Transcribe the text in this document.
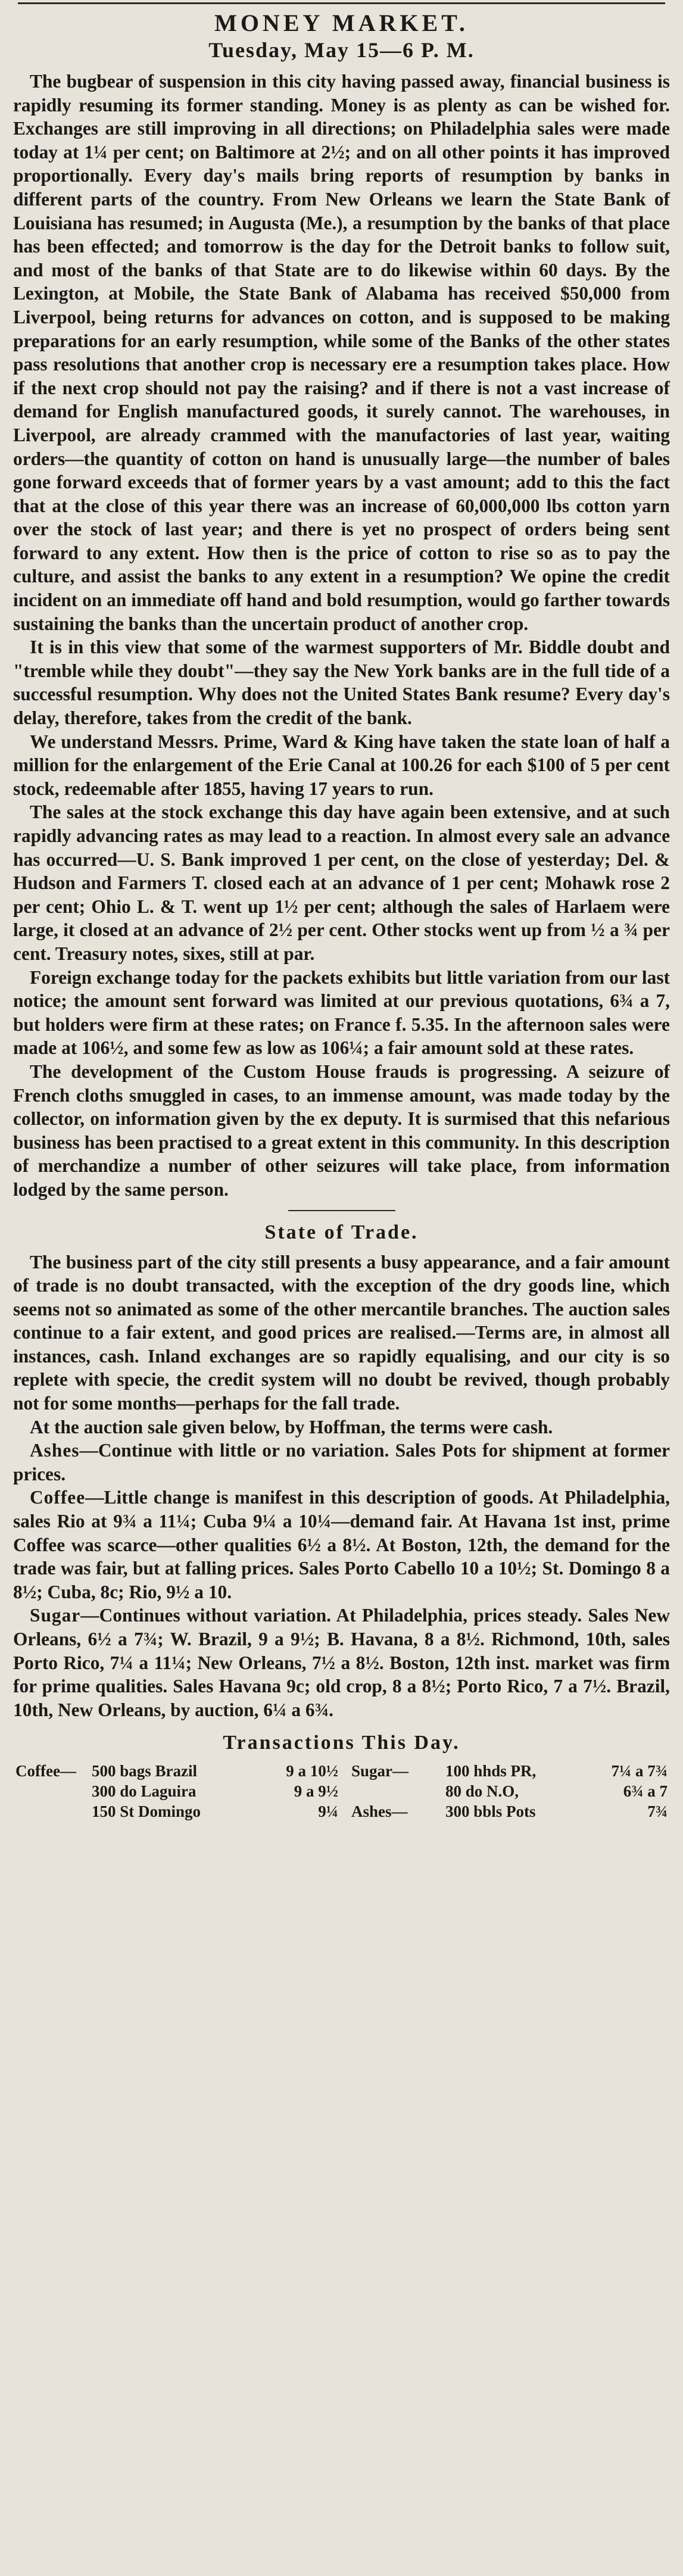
MONEY MARKET.
Tuesday, May 15—6 P. M.

The bugbear of suspension in this city having passed away, financial business is rapidly resuming its former standing. Money is as plenty as can be wished for. Exchanges are still improving in all directions; on Philadelphia sales were made today at 1¼ per cent; on Baltimore at 2½; and on all other points it has improved proportionally. Every day's mails bring reports of resumption by banks in different parts of the country. From New Orleans we learn the State Bank of Louisiana has resumed; in Augusta (Me.), a resumption by the banks of that place has been effected; and tomorrow is the day for the Detroit banks to follow suit, and most of the banks of that State are to do likewise within 60 days. By the Lexington, at Mobile, the State Bank of Alabama has received $50,000 from Liverpool, being returns for advances on cotton, and is supposed to be making preparations for an early resumption, while some of the Banks of the other states pass resolutions that another crop is necessary ere a resumption takes place. How if the next crop should not pay the raising? and if there is not a vast increase of demand for English manufactured goods, it surely cannot. The warehouses, in Liverpool, are already crammed with the manufactories of last year, waiting orders—the quantity of cotton on hand is unusually large—the number of bales gone forward exceeds that of former years by a vast amount; add to this the fact that at the close of this year there was an increase of 60,000,000 lbs cotton yarn over the stock of last year; and there is yet no prospect of orders being sent forward to any extent. How then is the price of cotton to rise so as to pay the culture, and assist the banks to any extent in a resumption? We opine the credit incident on an immediate off hand and bold resumption, would go farther towards sustaining the banks than the uncertain product of another crop.

It is in this view that some of the warmest supporters of Mr. Biddle doubt and "tremble while they doubt"—they say the New York banks are in the full tide of a successful resumption. Why does not the United States Bank resume? Every day's delay, therefore, takes from the credit of the bank.

We understand Messrs. Prime, Ward & King have taken the state loan of half a million for the enlargement of the Erie Canal at 100.26 for each $100 of 5 per cent stock, redeemable after 1855, having 17 years to run.

The sales at the stock exchange this day have again been extensive, and at such rapidly advancing rates as may lead to a reaction. In almost every sale an advance has occurred—U. S. Bank improved 1 per cent, on the close of yesterday; Del. & Hudson and Farmers T. closed each at an advance of 1 per cent; Mohawk rose 2 per cent; Ohio L. & T. went up 1½ per cent; although the sales of Harlaem were large, it closed at an advance of 2½ per cent. Other stocks went up from ½ a ¾ per cent. Treasury notes, sixes, still at par.

Foreign exchange today for the packets exhibits but little variation from our last notice; the amount sent forward was limited at our previous quotations, 6¾ a 7, but holders were firm at these rates; on France f. 5.35. In the afternoon sales were made at 106½, and some few as low as 106¼; a fair amount sold at these rates.

The development of the Custom House frauds is progressing. A seizure of French cloths smuggled in cases, to an immense amount, was made today by the collector, on information given by the ex deputy. It is surmised that this nefarious business has been practised to a great extent in this community. In this description of merchandize a number of other seizures will take place, from information lodged by the same person.

State of Trade.

The business part of the city still presents a busy appearance, and a fair amount of trade is no doubt transacted, with the exception of the dry goods line, which seems not so animated as some of the other mercantile branches. The auction sales continue to a fair extent, and good prices are realised.—Terms are, in almost all instances, cash. Inland exchanges are so rapidly equalising, and our city is so replete with specie, the credit system will no doubt be revived, though probably not for some months—perhaps for the fall trade.

At the auction sale given below, by Hoffman, the terms were cash.

Ashes—Continue with little or no variation. Sales Pots for shipment at former prices.

Coffee—Little change is manifest in this description of goods. At Philadelphia, sales Rio at 9¾ a 11¼; Cuba 9¼ a 10¼—demand fair. At Havana 1st inst, prime Coffee was scarce—other qualities 6½ a 8½. At Boston, 12th, the demand for the trade was fair, but at falling prices. Sales Porto Cabello 10 a 10½; St. Domingo 8 a 8½; Cuba, 8c; Rio, 9½ a 10.

Sugar—Continues without variation. At Philadelphia, prices steady. Sales New Orleans, 6½ a 7¾; W. Brazil, 9 a 9½; B. Havana, 8 a 8½. Richmond, 10th, sales Porto Rico, 7¼ a 11¼; New Orleans, 7½ a 8½. Boston, 12th inst. market was firm for prime qualities. Sales Havana 9c; old crop, 8 a 8½; Porto Rico, 7 a 7½. Brazil, 10th, New Orleans, by auction, 6¼ a 6¾.

Transactions This Day.
Coffee—	500 bags Brazil	9 a 10½	Sugar—	100 hhds PR,	7¼ a 7¾
	300 do Laguira	9 a 9½		80 do N.O,	6¾ a 7
	150 St Domingo	9¼	Ashes—	300 bbls Pots	7¾
